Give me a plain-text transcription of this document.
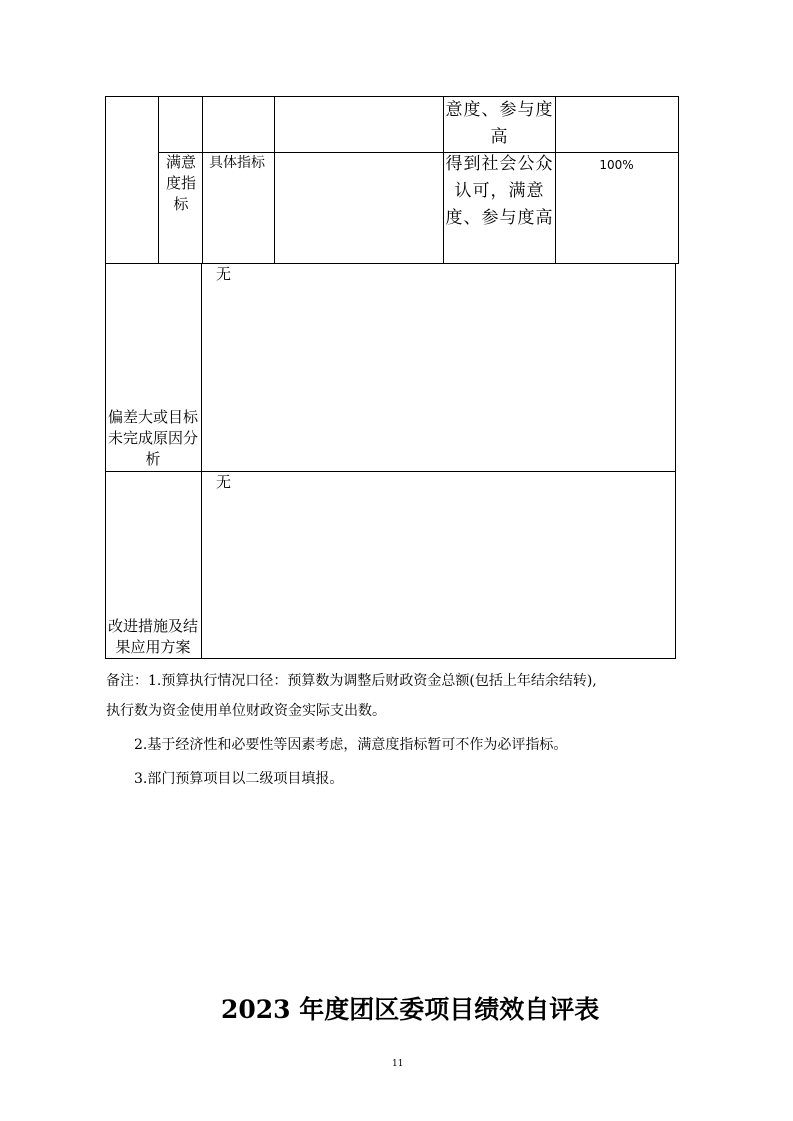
意度、参与度高
满意度指标
具体指标	得到社会公众认可，满意度、参与度高
100%
偏差大或目标未完成原因分析
无
改进措施及结果应用方案
无
备注：1.预算执行情况口径：预算数为调整后财政资金总额(包括上年结余结转),
执行数为资金使用单位财政资金实际支出数。
2.基于经济性和必要性等因素考虑，满意度指标暂可不作为必评指标。
3.部门预算项目以二级项目填报。
2023 年度团区委项目绩效自评表
11
